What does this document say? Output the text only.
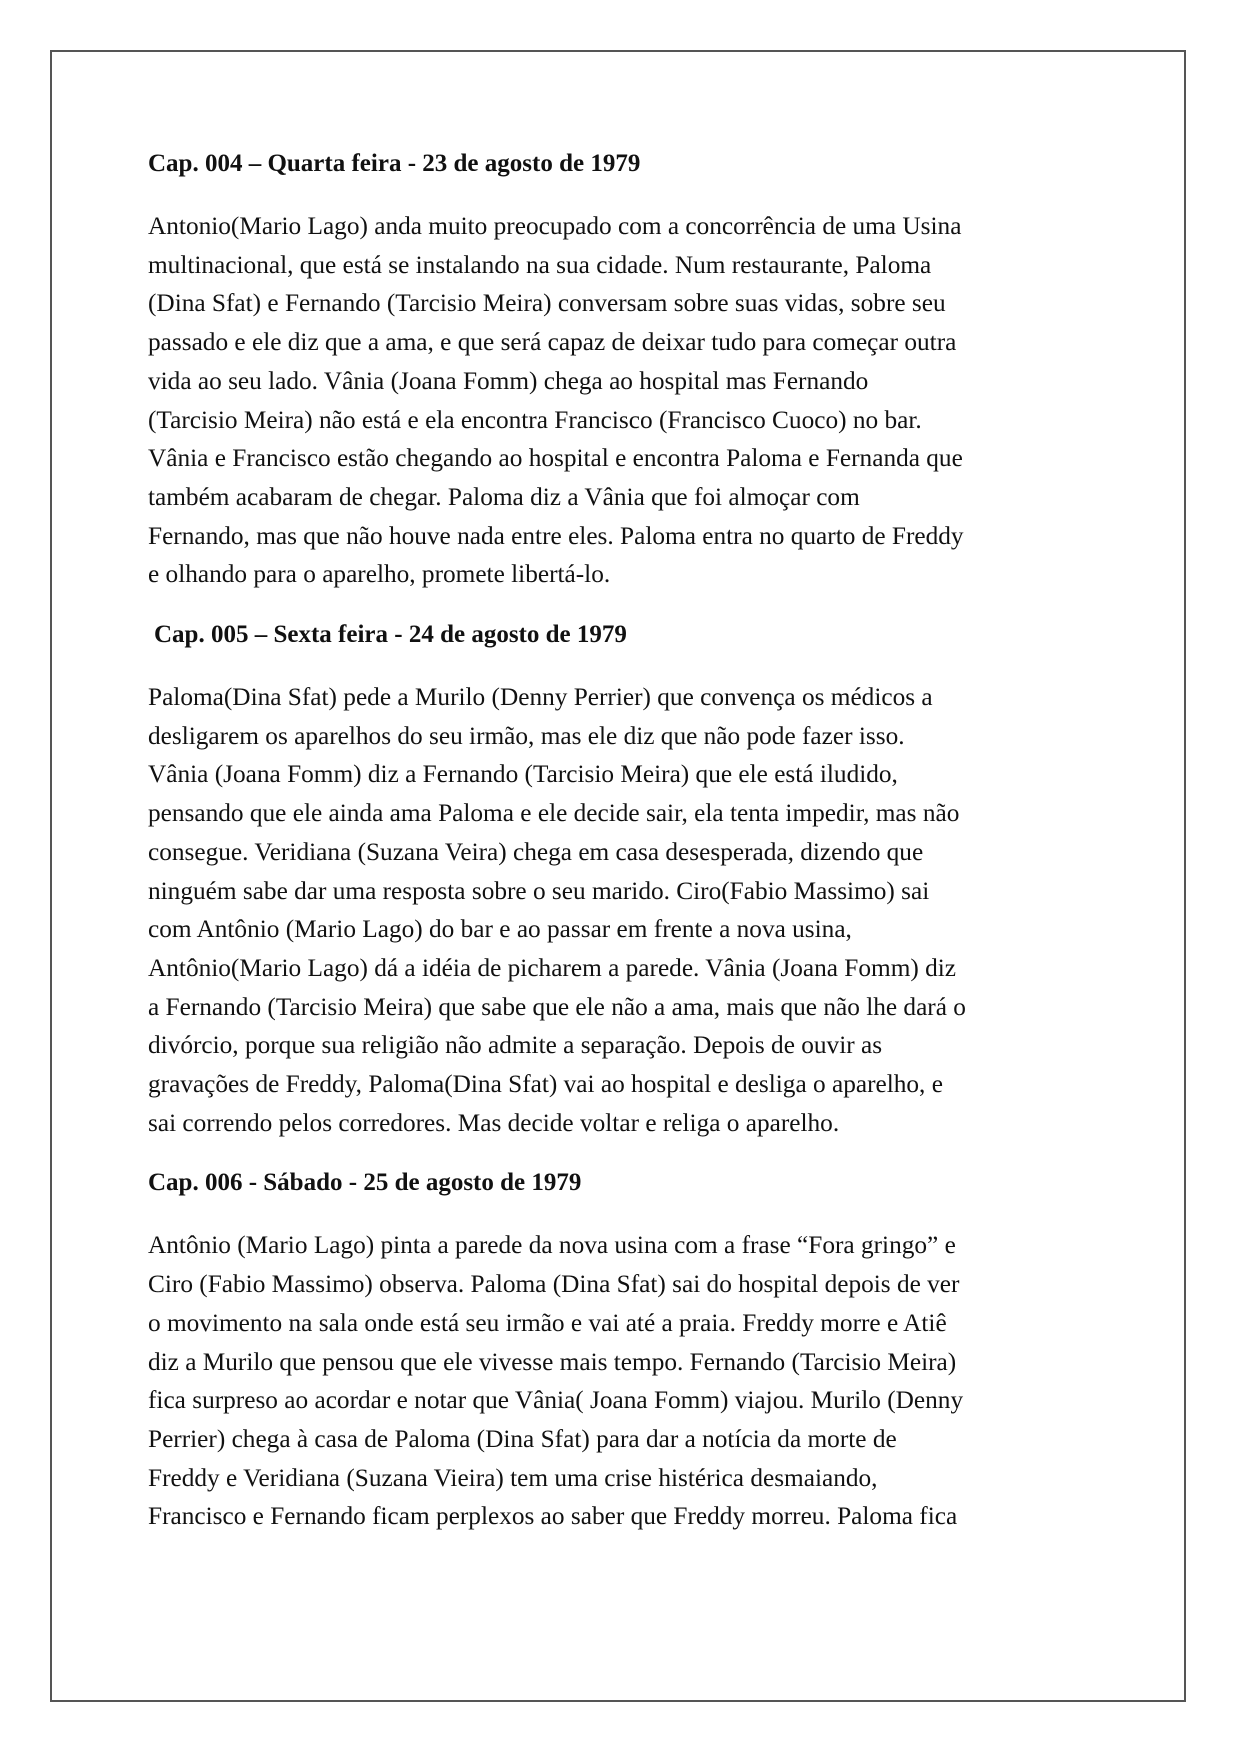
Cap. 004 – Quarta feira - 23 de agosto de 1979

Antonio(Mario Lago) anda muito preocupado com a concorrência de uma Usina
multinacional, que está se instalando na sua cidade. Num restaurante, Paloma
(Dina Sfat) e Fernando (Tarcisio Meira) conversam sobre suas vidas, sobre seu
passado e ele diz que a ama, e que será capaz de deixar tudo para começar outra
vida ao seu lado. Vânia (Joana Fomm) chega ao hospital mas Fernando
(Tarcisio Meira) não está e ela encontra Francisco (Francisco Cuoco) no bar.
Vânia e Francisco estão chegando ao hospital e encontra Paloma e Fernanda que
também acabaram de chegar. Paloma diz a Vânia que foi almoçar com
Fernando, mas que não houve nada entre eles. Paloma entra no quarto de Freddy
e olhando para o aparelho, promete libertá-lo.

Cap. 005 – Sexta feira - 24 de agosto de 1979

Paloma(Dina Sfat) pede a Murilo (Denny Perrier) que convença os médicos a
desligarem os aparelhos do seu irmão, mas ele diz que não pode fazer isso.
Vânia (Joana Fomm) diz a Fernando (Tarcisio Meira) que ele está iludido,
pensando que ele ainda ama Paloma e ele decide sair, ela tenta impedir, mas não
consegue. Veridiana (Suzana Veira) chega em casa desesperada, dizendo que
ninguém sabe dar uma resposta sobre o seu marido. Ciro(Fabio Massimo) sai
com Antônio (Mario Lago) do bar e ao passar em frente a nova usina,
Antônio(Mario Lago) dá a idéia de picharem a parede. Vânia (Joana Fomm) diz
a Fernando (Tarcisio Meira) que sabe que ele não a ama, mais que não lhe dará o
divórcio, porque sua religião não admite a separação. Depois de ouvir as
gravações de Freddy, Paloma(Dina Sfat) vai ao hospital e desliga o aparelho, e
sai correndo pelos corredores. Mas decide voltar e religa o aparelho.

Cap. 006 - Sábado - 25 de agosto de 1979

Antônio (Mario Lago) pinta a parede da nova usina com a frase “Fora gringo” e
Ciro (Fabio Massimo) observa. Paloma (Dina Sfat) sai do hospital depois de ver
o movimento na sala onde está seu irmão e vai até a praia. Freddy morre e Atiê
diz a Murilo que pensou que ele vivesse mais tempo. Fernando (Tarcisio Meira)
fica surpreso ao acordar e notar que Vânia( Joana Fomm) viajou. Murilo (Denny
Perrier) chega à casa de Paloma (Dina Sfat) para dar a notícia da morte de
Freddy e Veridiana (Suzana Vieira) tem uma crise histérica desmaiando,
Francisco e Fernando ficam perplexos ao saber que Freddy morreu. Paloma fica
